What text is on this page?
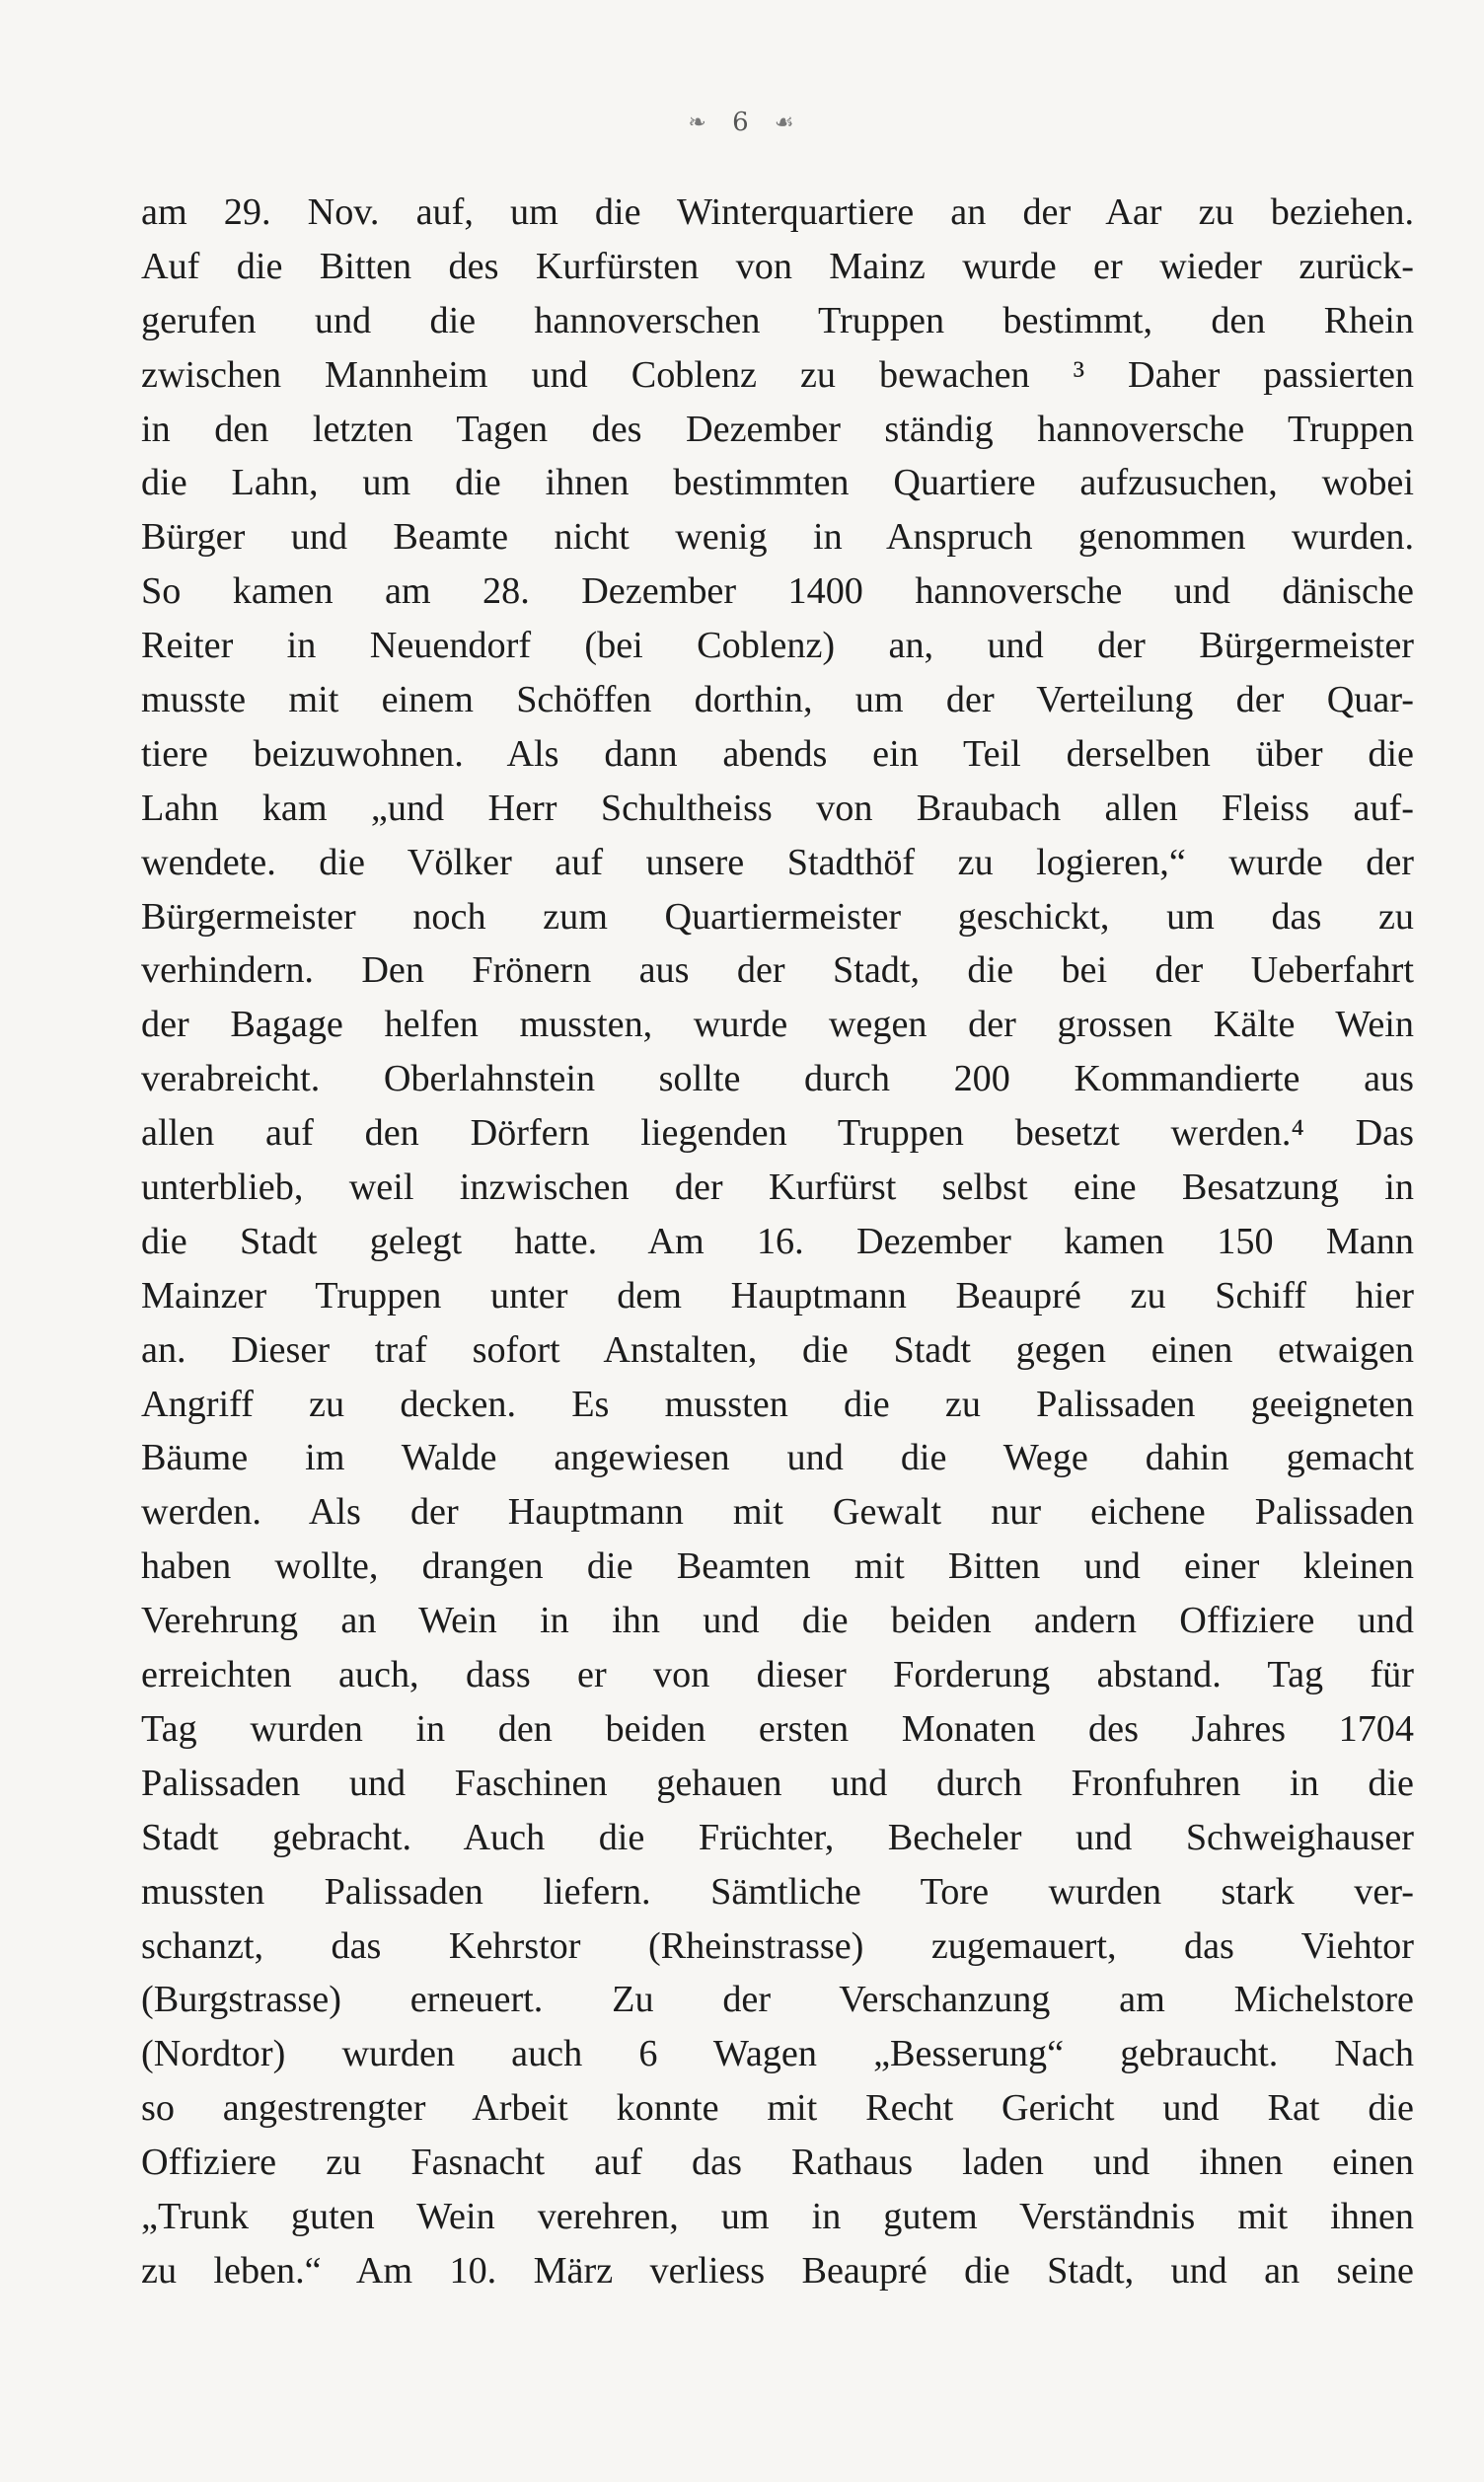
❧ 6 ☙
am 29. Nov. auf, um die Winterquartiere an der Aar zu beziehen.
Auf die Bitten des Kurfürsten von Mainz wurde er wieder zurück-
gerufen und die hannoverschen Truppen bestimmt, den Rhein
zwischen Mannheim und Coblenz zu bewachen ³ Daher passierten
in den letzten Tagen des Dezember ständig hannoversche Truppen
die Lahn, um die ihnen bestimmten Quartiere aufzusuchen, wobei
Bürger und Beamte nicht wenig in Anspruch genommen wurden.
So kamen am 28. Dezember 1400 hannoversche und dänische
Reiter in Neuendorf (bei Coblenz) an, und der Bürgermeister
musste mit einem Schöffen dorthin, um der Verteilung der Quar-
tiere beizuwohnen. Als dann abends ein Teil derselben über die
Lahn kam „und Herr Schultheiss von Braubach allen Fleiss auf-
wendete. die Völker auf unsere Stadthöf zu logieren,“ wurde der
Bürgermeister noch zum Quartiermeister geschickt, um das zu
verhindern. Den Frönern aus der Stadt, die bei der Ueberfahrt
der Bagage helfen mussten, wurde wegen der grossen Kälte Wein
verabreicht. Oberlahnstein sollte durch 200 Kommandierte aus
allen auf den Dörfern liegenden Truppen besetzt werden.⁴ Das
unterblieb, weil inzwischen der Kurfürst selbst eine Besatzung in
die Stadt gelegt hatte. Am 16. Dezember kamen 150 Mann
Mainzer Truppen unter dem Hauptmann Beaupré zu Schiff hier
an. Dieser traf sofort Anstalten, die Stadt gegen einen etwaigen
Angriff zu decken. Es mussten die zu Palissaden geeigneten
Bäume im Walde angewiesen und die Wege dahin gemacht
werden. Als der Hauptmann mit Gewalt nur eichene Palissaden
haben wollte, drangen die Beamten mit Bitten und einer kleinen
Verehrung an Wein in ihn und die beiden andern Offiziere und
erreichten auch, dass er von dieser Forderung abstand. Tag für
Tag wurden in den beiden ersten Monaten des Jahres 1704
Palissaden und Faschinen gehauen und durch Fronfuhren in die
Stadt gebracht. Auch die Früchter, Becheler und Schweighauser
mussten Palissaden liefern. Sämtliche Tore wurden stark ver-
schanzt, das Kehrstor (Rheinstrasse) zugemauert, das Viehtor
(Burgstrasse) erneuert. Zu der Verschanzung am Michelstore
(Nordtor) wurden auch 6 Wagen „Besserung“ gebraucht. Nach
so angestrengter Arbeit konnte mit Recht Gericht und Rat die
Offiziere zu Fasnacht auf das Rathaus laden und ihnen einen
„Trunk guten Wein verehren, um in gutem Verständnis mit ihnen
zu leben.“ Am 10. März verliess Beaupré die Stadt, und an seine
